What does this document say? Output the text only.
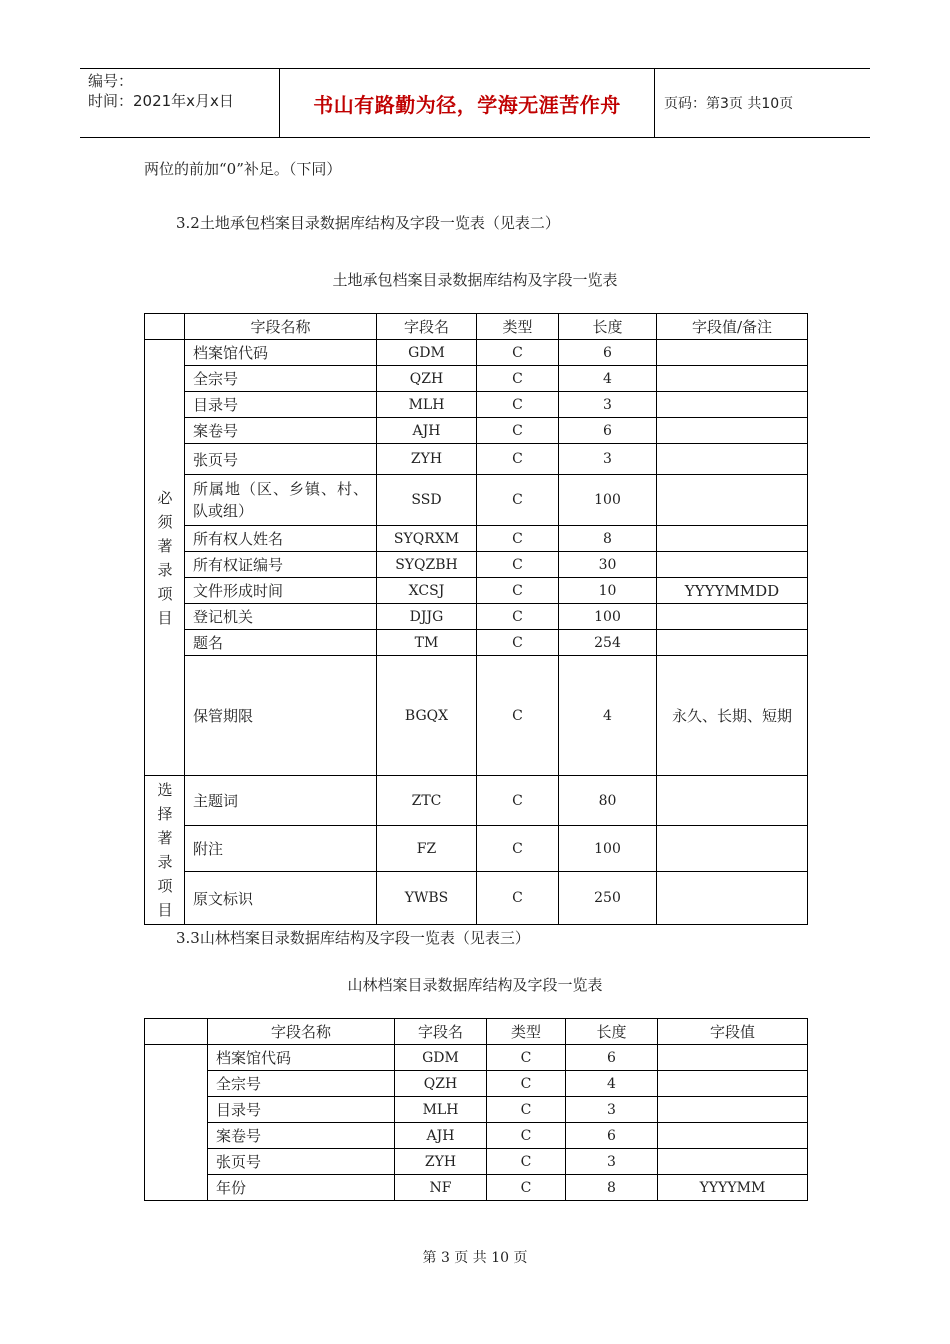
编号：
时间：2021年x月x日	书山有路勤为径，学海无涯苦作舟	页码：第3页 共10页
两位的前加“0”补足。（下同）
3.2土地承包档案目录数据库结构及字段一览表（见表二）
土地承包档案目录数据库结构及字段一览表
	字段名称	字段名	类型	长度	字段值/备注

必须著录项目	档案馆代码	GDM	C	6	
	全宗号	QZH	C	4	
	目录号	MLH	C	3	
	案卷号	AJH	C	6	
	张页号	ZYH	C	3	
	所属地（区、乡镇、村、队或组）	SSD	C	100	
	所有权人姓名	SYQRXM	C	8	
	所有权证编号	SYQZBH	C	30	
	文件形成时间	XCSJ	C	10	YYYYMMDD
	登记机关	DJJG	C	100	
	题名	TM	C	254	
	保管期限	BGQX	C	4	永久、长期、短期

选择著录项目	主题词	ZTC	C	80	
	附注	FZ	C	100	
	原文标识	YWBS	C	250	
3.3山林档案目录数据库结构及字段一览表（见表三）
山林档案目录数据库结构及字段一览表
	字段名称	字段名	类型	长度	字段值
	档案馆代码	GDM	C	6	
	全宗号	QZH	C	4	
	目录号	MLH	C	3	
	案卷号	AJH	C	6	
	张页号	ZYH	C	3	
	年份	NF	C	8	YYYYMM
第 3 页 共 10 页
